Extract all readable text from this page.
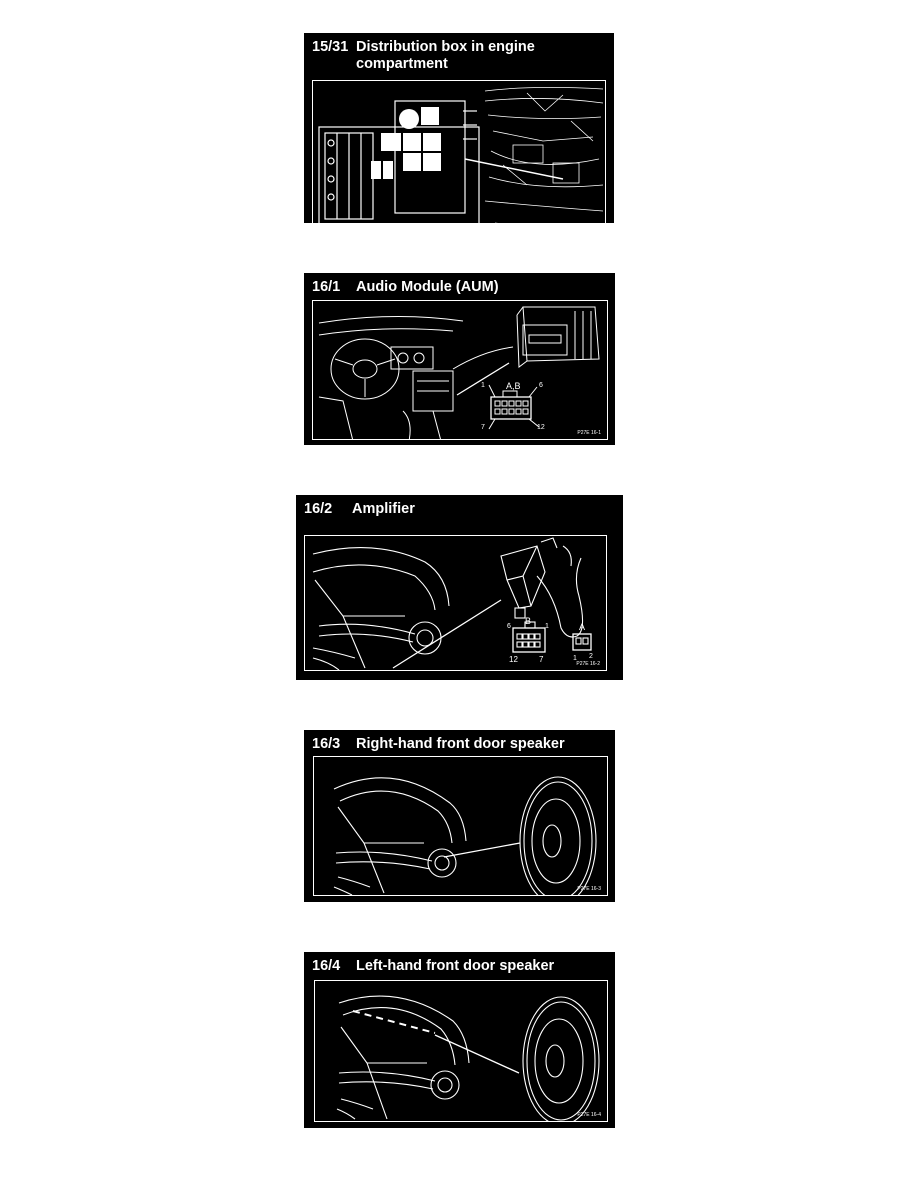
15/31 Distribution box in engine compartment
15-31-00
16/1 Audio Module (AUM)
A,B
1	6
7	12
P27E 16-1
16/2 Amplifier
B
6	1
12	7
A
1 2
P27E 16-2
16/3 Right-hand front door speaker
P27E 16-3
16/4 Left-hand front door speaker
P27E 16-4
